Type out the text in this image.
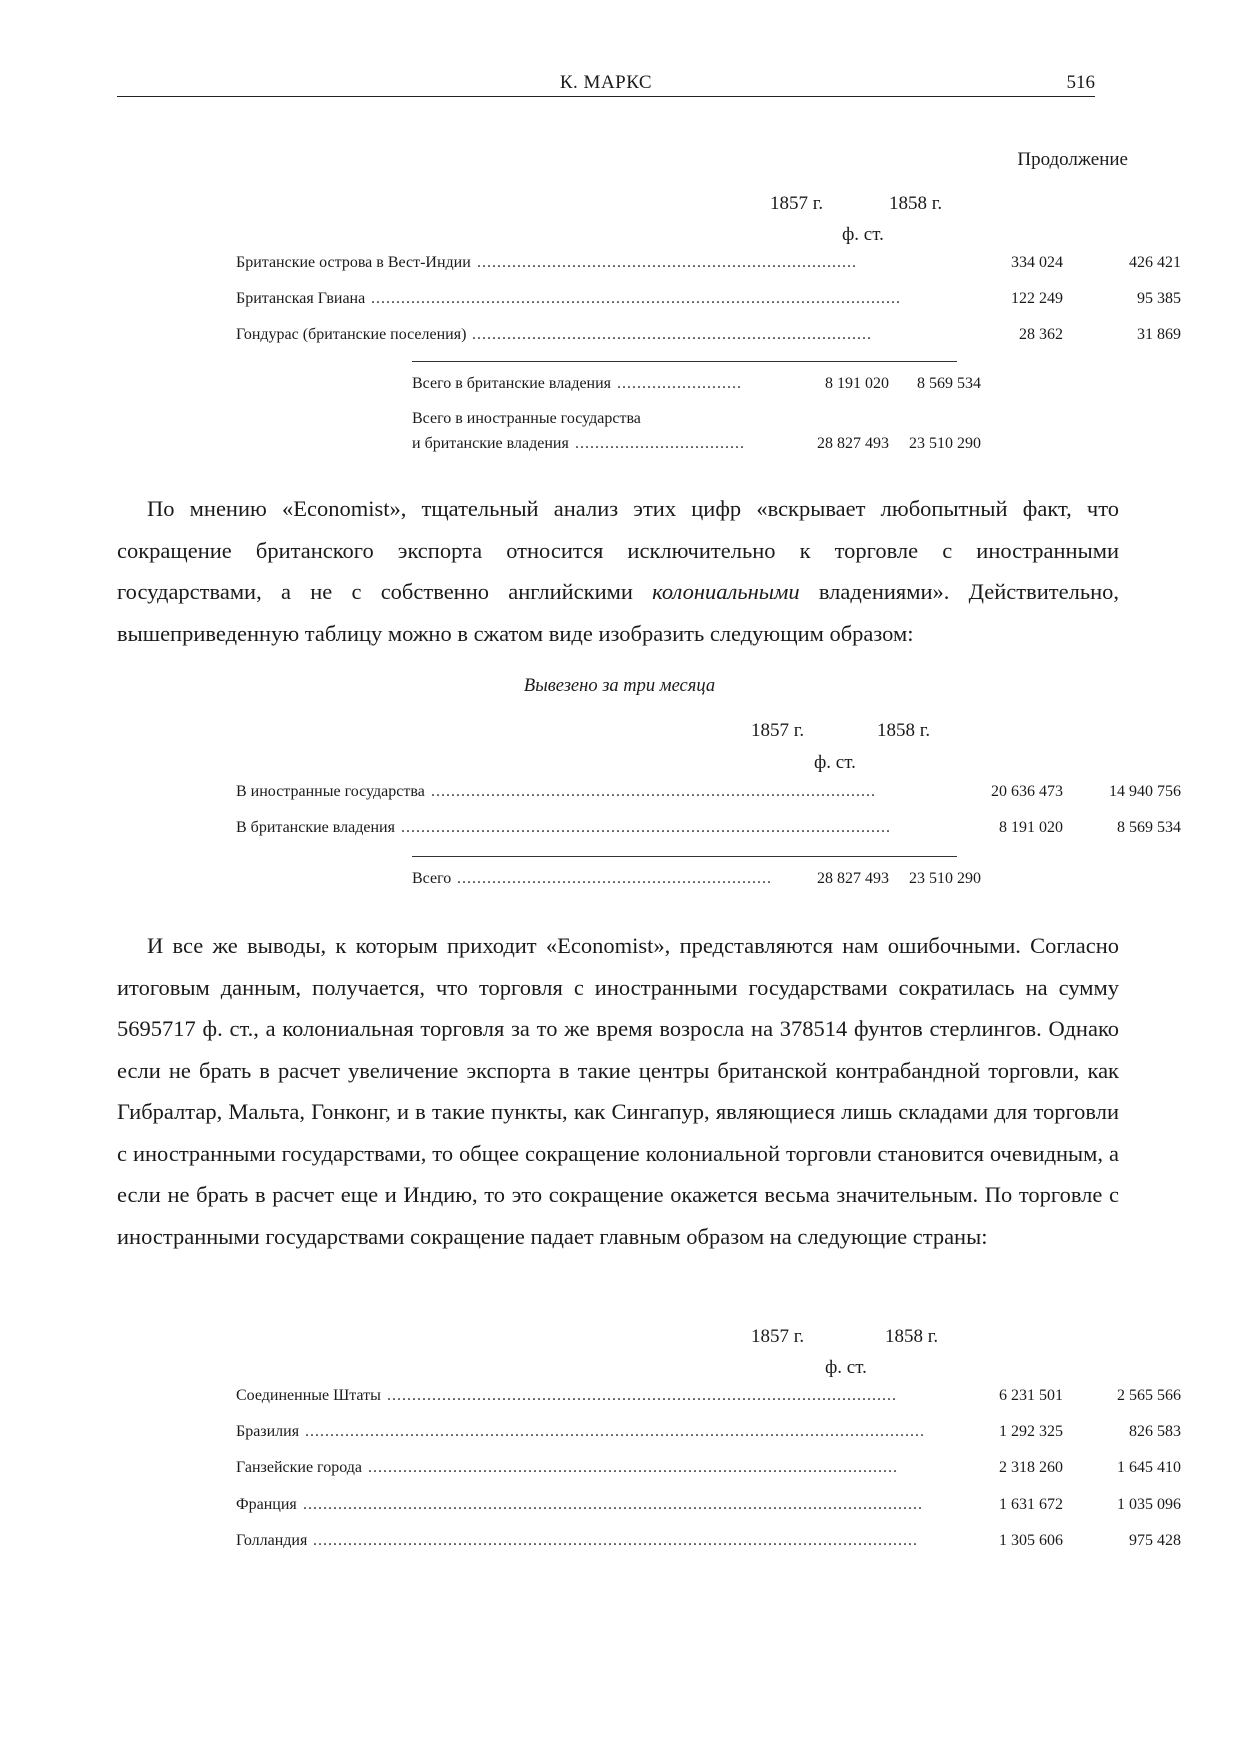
К. МАРКС	516
Продолжение
1857 г.	1858 г.
ф. ст.
Британские острова в Вест-Индии ............................................................................	334 024	426 421
Британская Гвиана ..........................................................................................................	122 249	95 385
Гондурас (британские поселения) ................................................................................	28 362	31 869
Всего в британские владения .........................	8 191 020	8 569 534
Всего в иностранные государства
и британские владения ..................................	28 827 493	23 510 290

По мнению «Economist», тщательный анализ этих цифр «вскрывает любопытный факт, что сокращение британского экспорта относится исключительно к торговле с иностранными государствами, а не с собственно английскими колониальными владениями». Действительно, вышеприведенную таблицу можно в сжатом виде изобразить следующим образом:

Вывезено за три месяца
1857 г.	1858 г.
ф. ст.
В иностранные государства .........................................................................................	20 636 473	14 940 756
В британские владения ..................................................................................................	8 191 020	8 569 534
Всего ...............................................................	28 827 493	23 510 290

И все же выводы, к которым приходит «Economist», представляются нам ошибочными. Согласно итоговым данным, получается, что торговля с иностранными государствами сократилась на сумму 5695717 ф. ст., а колониальная торговля за то же время возросла на 378514 фунтов стерлингов. Однако если не брать в расчет увеличение экспорта в такие центры британской контрабандной торговли, как Гибралтар, Мальта, Гонконг, и в такие пункты, как Сингапур, являющиеся лишь складами для торговли с иностранными государствами, то общее сокращение колониальной торговли становится очевидным, а если не брать в расчет еще и Индию, то это сокращение окажется весьма значительным. По торговле с иностранными государствами сокращение падает главным образом на следующие страны:

1857 г.	1858 г.
ф. ст.
Соединенные Штаты ......................................................................................................	6 231 501	2 565 566
Бразилия ............................................................................................................................	1 292 325	826 583
Ганзейские города ..........................................................................................................	2 318 260	1 645 410
Франция ............................................................................................................................	1 631 672	1 035 096
Голландия .........................................................................................................................	1 305 606	975 428
